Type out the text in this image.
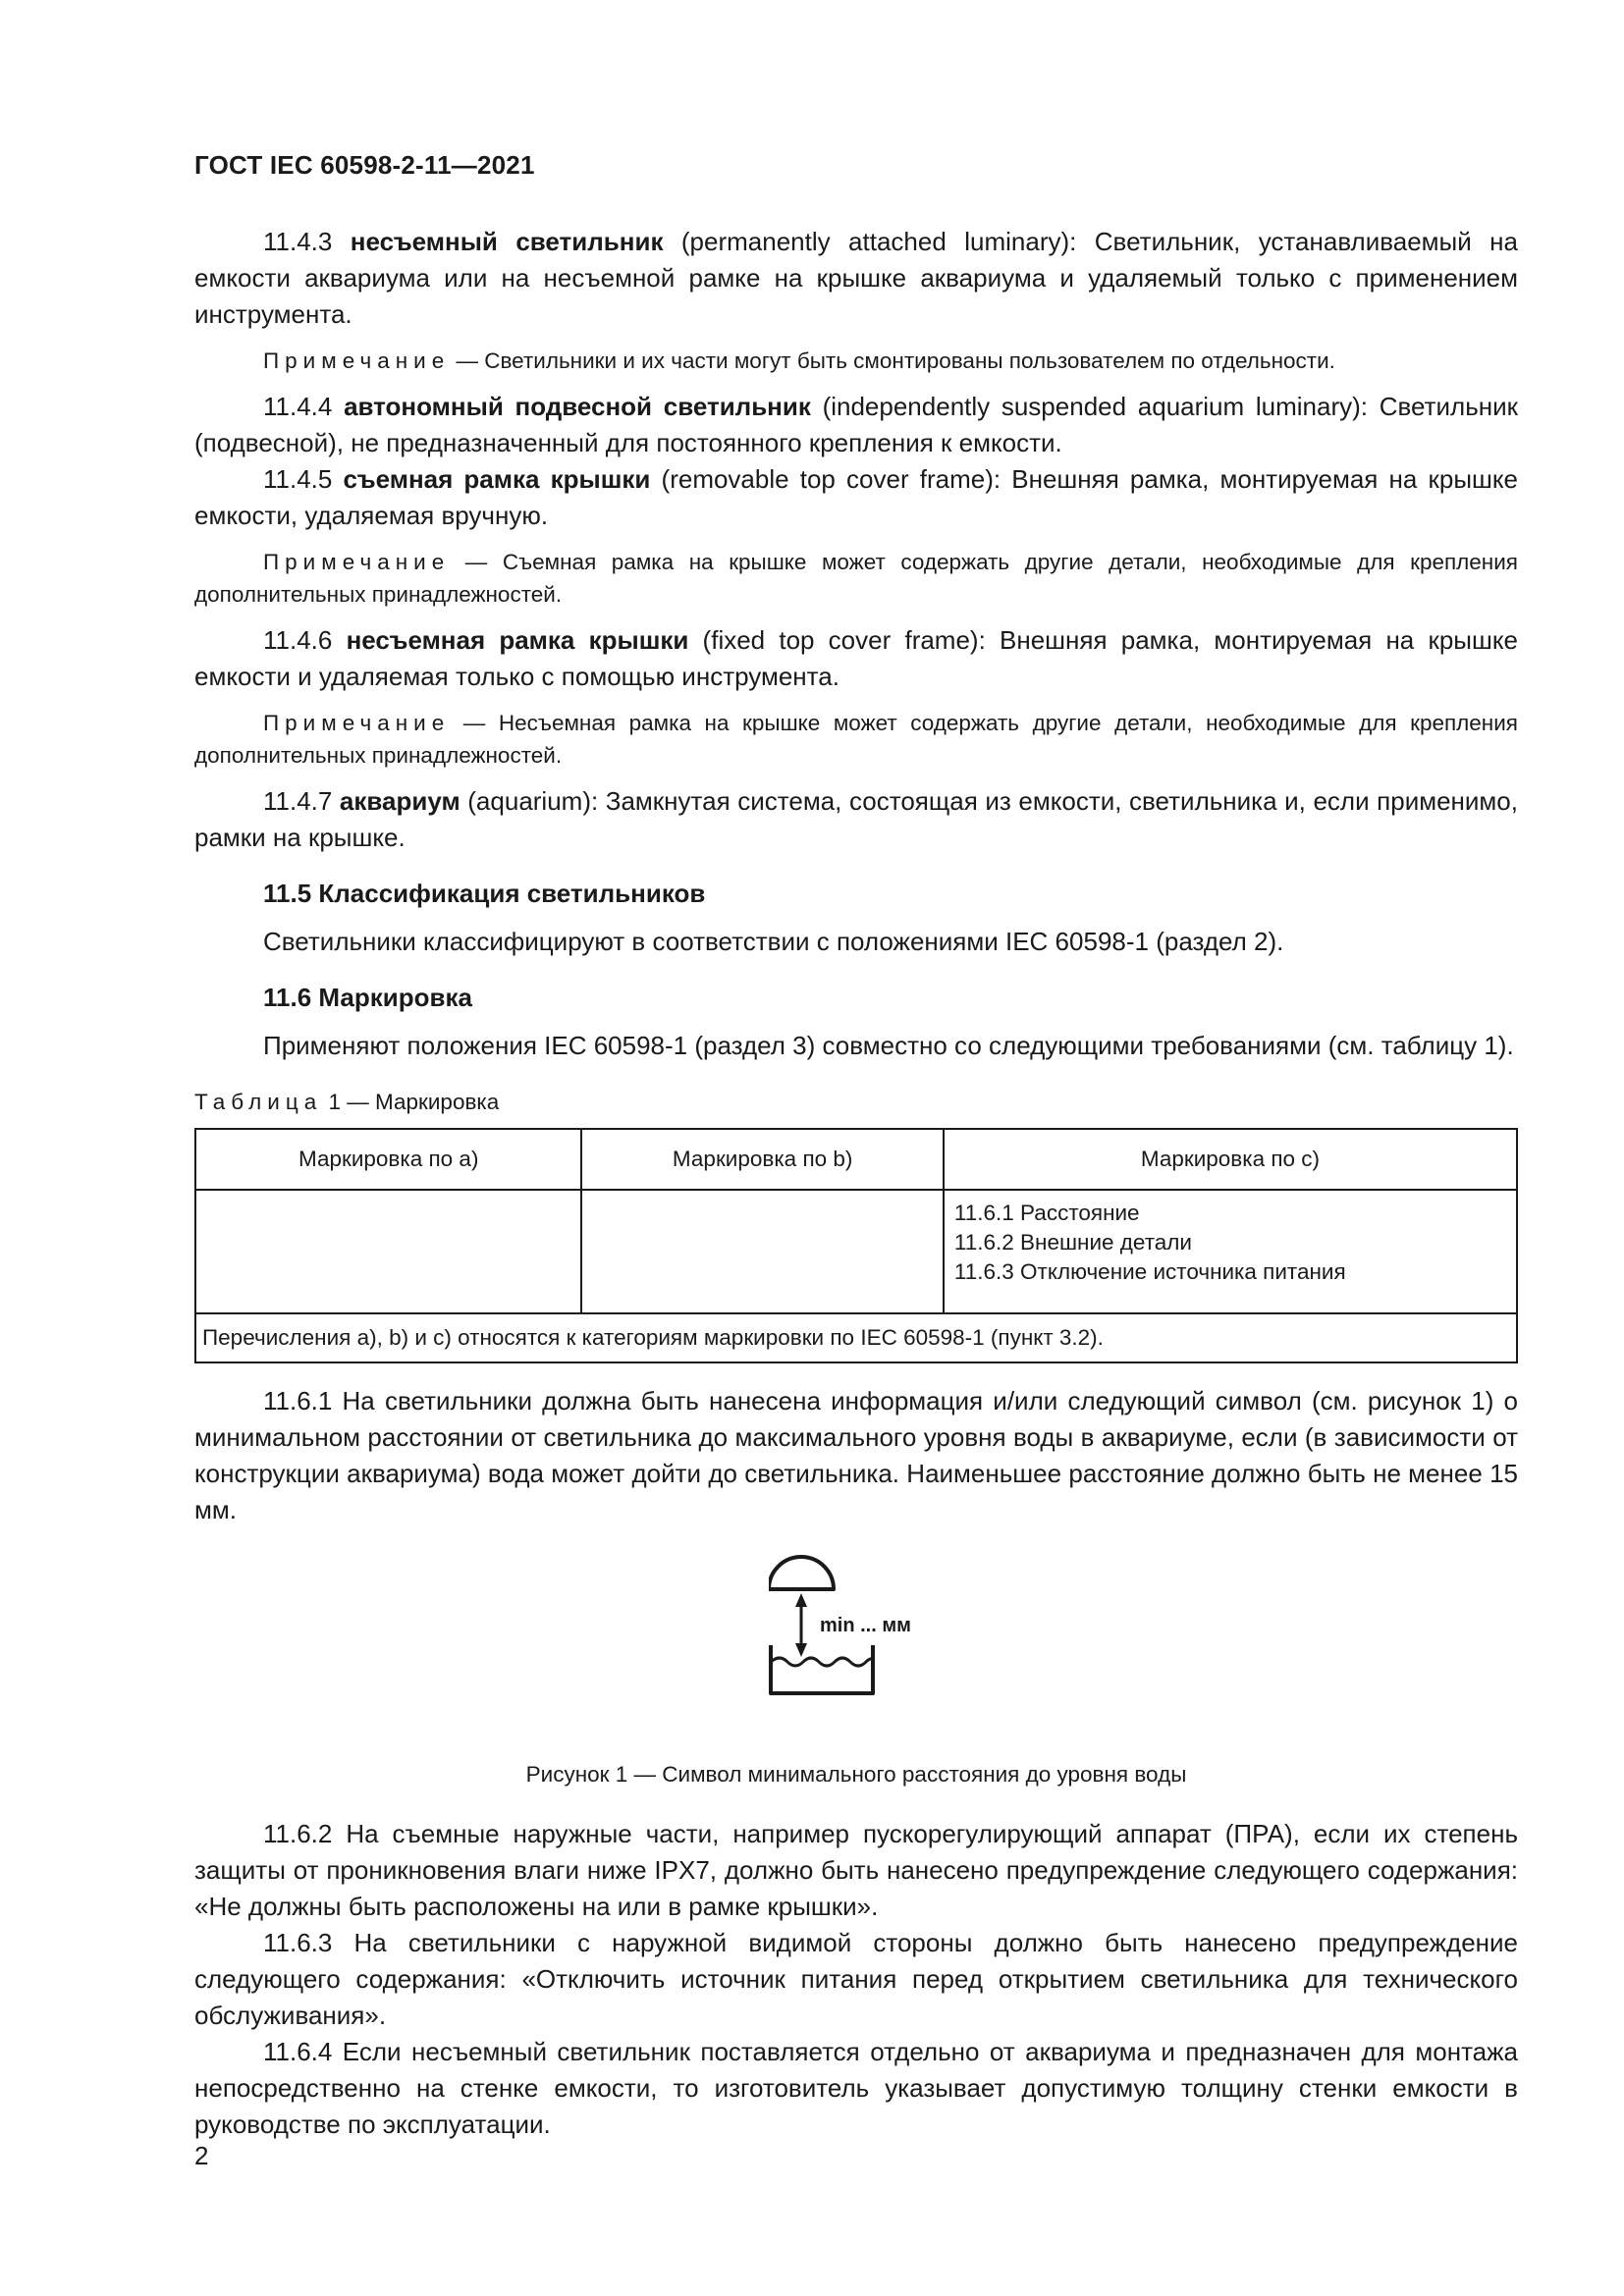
ГОСТ IEC 60598-2-11—2021

11.4.3 несъемный светильник (permanently attached luminary): Светильник, устанавливаемый на емкости аквариума или на несъемной рамке на крышке аквариума и удаляемый только с применением инструмента.

Примечание — Светильники и их части могут быть смонтированы пользователем по отдельности.

11.4.4 автономный подвесной светильник (independently suspended aquarium luminary): Светильник (подвесной), не предназначенный для постоянного крепления к емкости.

11.4.5 съемная рамка крышки (removable top cover frame): Внешняя рамка, монтируемая на крышке емкости, удаляемая вручную.

Примечание — Съемная рамка на крышке может содержать другие детали, необходимые для крепления дополнительных принадлежностей.

11.4.6 несъемная рамка крышки (fixed top cover frame): Внешняя рамка, монтируемая на крышке емкости и удаляемая только с помощью инструмента.

Примечание — Несъемная рамка на крышке может содержать другие детали, необходимые для крепления дополнительных принадлежностей.

11.4.7 аквариум (aquarium): Замкнутая система, состоящая из емкости, светильника и, если применимо, рамки на крышке.

11.5 Классификация светильников

Светильники классифицируют в соответствии с положениями IEC 60598-1 (раздел 2).

11.6 Маркировка

Применяют положения IEC 60598-1 (раздел 3) совместно со следующими требованиями (см. таблицу 1).

Таблица 1 — Маркировка
Маркировка по а)	Маркировка по b)	Маркировка по с)

		11.6.1 Расстояние
11.6.2 Внешние детали
11.6.3 Отключение источника питания

Перечисления а), b) и с) относятся к категориям маркировки по IEC 60598-1 (пункт 3.2).		

11.6.1 На светильники должна быть нанесена информация и/или следующий символ (см. рисунок 1) о минимальном расстоянии от светильника до максимального уровня воды в аквариуме, если (в зависимости от конструкции аквариума) вода может дойти до светильника. Наименьшее расстояние должно быть не менее 15 мм.

min ... мм
Рисунок 1 — Символ минимального расстояния до уровня воды

11.6.2 На съемные наружные части, например пускорегулирующий аппарат (ПРА), если их степень защиты от проникновения влаги ниже IPX7, должно быть нанесено предупреждение следующего содержания: «Не должны быть расположены на или в рамке крышки».

11.6.3 На светильники с наружной видимой стороны должно быть нанесено предупреждение следующего содержания: «Отключить источник питания перед открытием светильника для технического обслуживания».

11.6.4 Если несъемный светильник поставляется отдельно от аквариума и предназначен для монтажа непосредственно на стенке емкости, то изготовитель указывает допустимую толщину стенки емкости в руководстве по эксплуатации.

2
